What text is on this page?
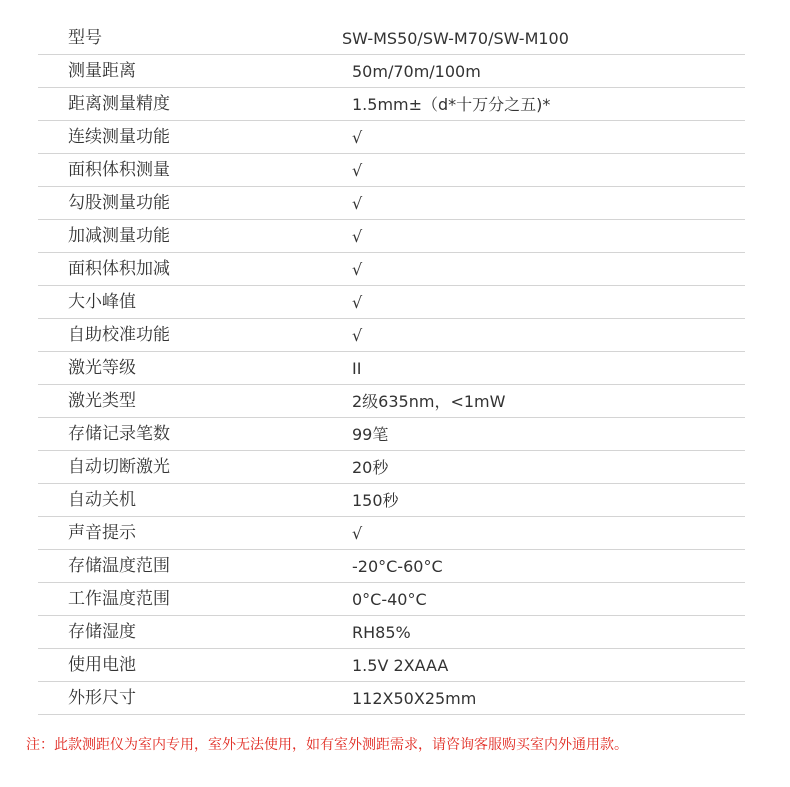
型号	SW-MS50/SW-M70/SW-M100
测量距离	50m/70m/100m
距离测量精度	1.5mm±（d*十万分之五)*
连续测量功能	√
面积体积测量	√
勾股测量功能	√
加减测量功能	√
面积体积加减	√
大小峰值	√
自助校准功能	√
激光等级	II
激光类型	2级635nm，<1mW
存储记录笔数	99笔
自动切断激光	20秒
自动关机	150秒
声音提示	√
存储温度范围	-20°C-60°C
工作温度范围	0°C-40°C
存储湿度	RH85%
使用电池	1.5V 2XAAA
外形尺寸	112X50X25mm
注：此款测距仪为室内专用，室外无法使用，如有室外测距需求，请咨询客服购买室内外通用款。
